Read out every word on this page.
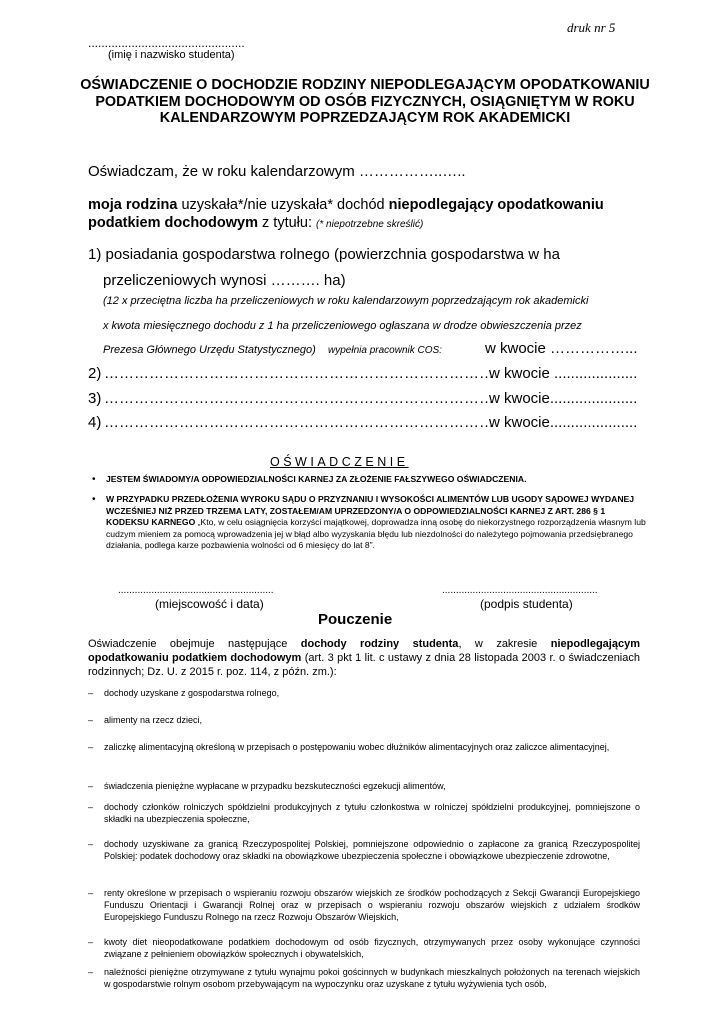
druk nr 5
...............................................
(imię i nazwisko studenta)
OŚWIADCZENIE O DOCHODZIE RODZINY NIEPODLEGAJĄCYM OPODATKOWANIU PODATKIEM DOCHODOWYM OD OSÓB FIZYCZNYCH, OSIĄGNIĘTYM W ROKU KALENDARZOWYM POPRZEDZAJĄCYM ROK AKADEMICKI
Oświadczam, że w roku kalendarzowym ……………..…..
moja rodzina uzyskała*/nie uzyskała* dochód niepodlegający opodatkowaniu podatkiem dochodowym z tytułu: (* niepotrzebne skreślić)
1) posiadania gospodarstwa rolnego (powierzchnia gospodarstwa w ha
przeliczeniowych wynosi ………. ha)
(12 x przeciętna liczba ha przeliczeniowych w roku kalendarzowym poprzedzającym rok akademicki
x kwota miesięcznego dochodu z 1 ha przeliczeniowego ogłaszana w drodze obwieszczenia przez
Prezesa Głównego Urzędu Statystycznego) wypełnia pracownik COS:	w kwocie ……………...
2) ……………………………………………………………………
w kwocie ....................
3) ……………………………………………………………………
w kwocie.....................
4) ……………………………………………………………………
w kwocie.....................
OŚWIADCZENIE
• JESTEM ŚWIADOMY/A ODPOWIEDZIALNOŚCI KARNEJ ZA ZŁOŻENIE FAŁSZYWEGO OŚWIADCZENIA.
• W PRZYPADKU PRZEDŁOŻENIA WYROKU SĄDU O PRZYZNANIU I WYSOKOŚCI ALIMENTÓW LUB UGODY SĄDOWEJ WYDANEJ WCZEŚNIEJ NIŻ PRZED TRZEMA LATY, ZOSTAŁEM/AM UPRZEDZONY/A O ODPOWIEDZIALNOŚCI KARNEJ Z ART. 286 § 1 KODEKSU KARNEGO „Kto, w celu osiągnięcia korzyści majątkowej, doprowadza inną osobę do niekorzystnego rozporządzenia własnym lub cudzym mieniem za pomocą wprowadzenia jej w błąd albo wyzyskania błędu lub niezdolności do należytego pojmowania przedsiębranego działania, podlega karze pozbawienia wolności od 6 miesięcy do lat 8”.
........................................................	........................................................
(miejscowość i data)	(podpis studenta)
Pouczenie
Oświadczenie obejmuje następujące dochody rodziny studenta, w zakresie niepodlegającym opodatkowaniu podatkiem dochodowym (art. 3 pkt 1 lit. c ustawy z dnia 28 listopada 2003 r. o świadczeniach rodzinnych; Dz. U. z 2015 r. poz. 114, z późn. zm.):
– dochody uzyskane z gospodarstwa rolnego,
– alimenty na rzecz dzieci,
– zaliczkę alimentacyjną określoną w przepisach o postępowaniu wobec dłużników alimentacyjnych oraz zaliczce alimentacyjnej,
– świadczenia pieniężne wypłacane w przypadku bezskuteczności egzekucji alimentów,
– dochody członków rolniczych spółdzielni produkcyjnych z tytułu członkostwa w rolniczej spółdzielni produkcyjnej, pomniejszone o składki na ubezpieczenia społeczne,
– dochody uzyskiwane za granicą Rzeczypospolitej Polskiej, pomniejszone odpowiednio o zapłacone za granicą Rzeczypospolitej Polskiej: podatek dochodowy oraz składki na obowiązkowe ubezpieczenia społeczne i obowiązkowe ubezpieczenie zdrowotne,
– renty określone w przepisach o wspieraniu rozwoju obszarów wiejskich ze środków pochodzących z Sekcji Gwarancji Europejskiego Funduszu Orientacji i Gwarancji Rolnej oraz w przepisach o wspieraniu rozwoju obszarów wiejskich z udziałem środków Europejskiego Funduszu Rolnego na rzecz Rozwoju Obszarów Wiejskich,
– kwoty diet nieopodatkowane podatkiem dochodowym od osób fizycznych, otrzymywanych przez osoby wykonujące czynności związane z pełnieniem obowiązków społecznych i obywatelskich,
– należności pieniężne otrzymywane z tytułu wynajmu pokoi gościnnych w budynkach mieszkalnych położonych na terenach wiejskich w gospodarstwie rolnym osobom przebywającym na wypoczynku oraz uzyskane z tytułu wyżywienia tych osób,
